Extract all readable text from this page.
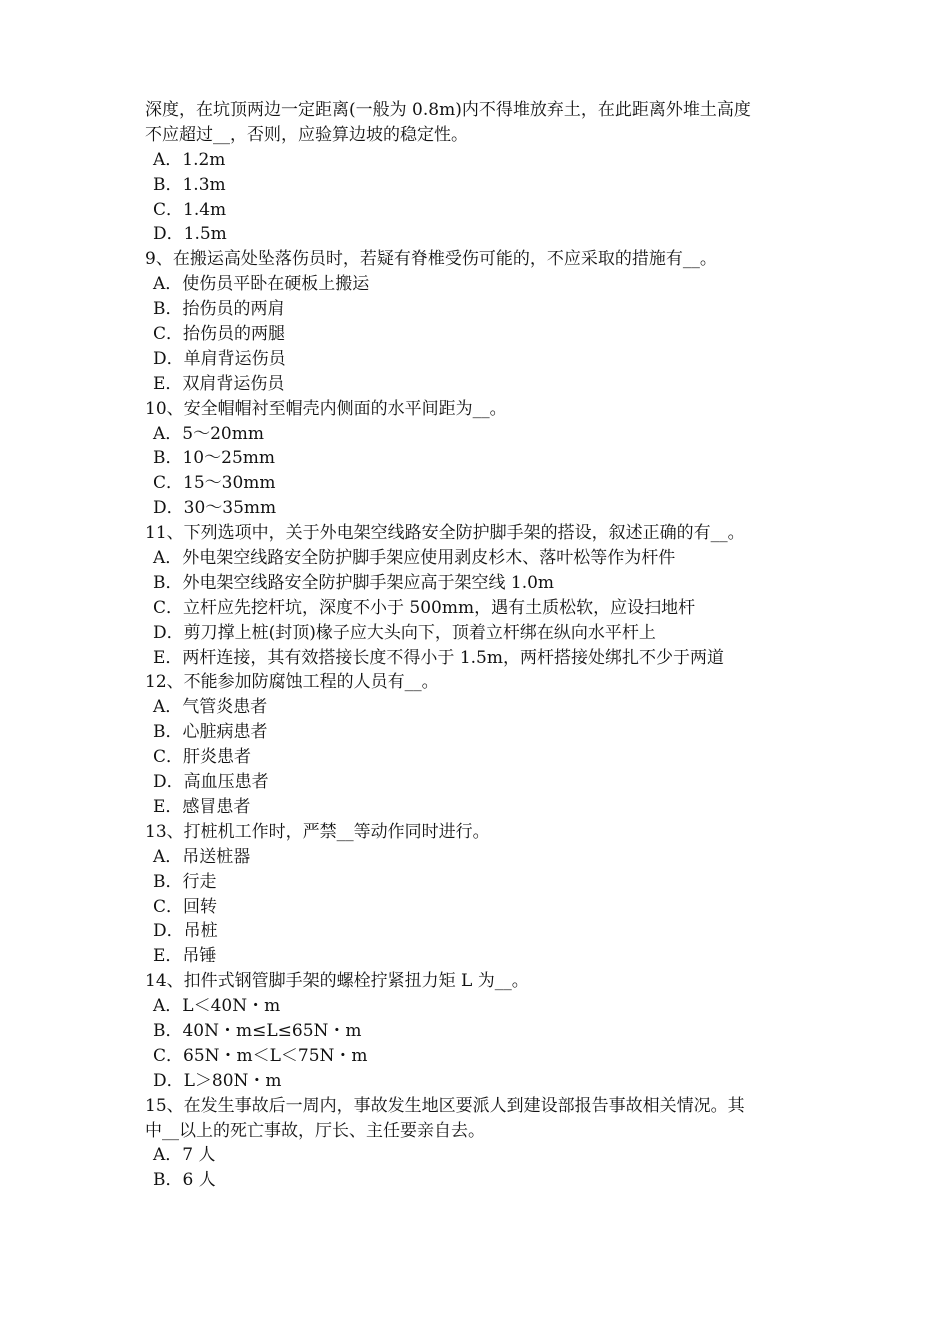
深度，在坑顶两边一定距离(一般为 0.8m)内不得堆放弃土，在此距离外堆土高度
不应超过__，否则，应验算边坡的稳定性。
A．1.2m
B．1.3m
C．1.4m
D．1.5m
9、在搬运高处坠落伤员时，若疑有脊椎受伤可能的，不应采取的措施有__。
A．使伤员平卧在硬板上搬运
B．抬伤员的两肩
C．抬伤员的两腿
D．单肩背运伤员
E．双肩背运伤员
10、安全帽帽衬至帽壳内侧面的水平间距为__。
A．5～20mm
B．10～25mm
C．15～30mm
D．30～35mm
11、下列选项中，关于外电架空线路安全防护脚手架的搭设，叙述正确的有__。
A．外电架空线路安全防护脚手架应使用剥皮杉木、落叶松等作为杆件
B．外电架空线路安全防护脚手架应高于架空线 1.0m
C．立杆应先挖杆坑，深度不小于 500mm，遇有土质松软，应设扫地杆
D．剪刀撑上桩(封顶)椽子应大头向下，顶着立杆绑在纵向水平杆上
E．两杆连接，其有效搭接长度不得小于 1.5m，两杆搭接处绑扎不少于两道
12、不能参加防腐蚀工程的人员有__。
A．气管炎患者
B．心脏病患者
C．肝炎患者
D．高血压患者
E．感冒患者
13、打桩机工作时，严禁__等动作同时进行。
A．吊送桩器
B．行走
C．回转
D．吊桩
E．吊锤
14、扣件式钢管脚手架的螺栓拧紧扭力矩 L 为__。
A．L＜40N・m
B．40N・m≤L≤65N・m
C．65N・m＜L＜75N・m
D．L＞80N・m
15、在发生事故后一周内，事故发生地区要派人到建设部报告事故相关情况。其
中__以上的死亡事故，厅长、主任要亲自去。
A．7 人
B．6 人
